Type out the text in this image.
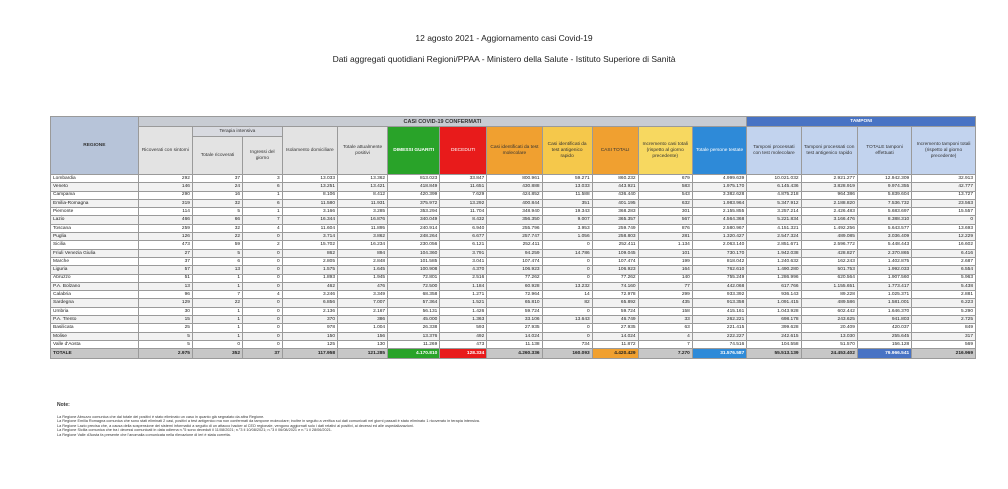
12 agosto 2021 - Aggiornamento casi Covid-19
Dati aggregati quotidiani Regioni/PPAA - Ministero della Salute - Istituto Superiore di Sanità
REGIONE	CASI COVID-19 CONFERMATI												TAMPONI			
	Ricoverati con sintomi	Terapia intensiva		Isolamento domiciliare	Totale attualmente positivi	DIMESSI GUARITI	DECEDUTI	Casi identificati da test molecolare	Casi identificati da test antigenico rapido	CASI TOTALI	Incremento casi totali (rispetto al giorno precedente)	Totale persone testate	Tamponi processati con test molecolare	Tamponi processati con test antigenico rapido	TOTALE tamponi effettuati	Incremento tamponi totali (rispetto al giorno precedente)
		Totale ricoverati	Ingressi del giorno													
Lombardia	292	37	3	13.033	13.362	813.023	33.847	800.961	59.271	860.232	679	4.999.639	10.021.032	2.921.277	12.942.309	32.913
Veneto	146	24	6	13.251	13.421	418.849	11.651	430.888	13.033	443.921	583	1.975.170	6.145.436	3.828.919	9.974.355	42.777
Campania	290	16	1	8.106	8.412	420.399	7.629	424.852	11.588	436.440	543	3.382.628	4.875.218	964.386	5.839.604	13.727
Emilia-Romagna	319	32	6	11.580	11.931	375.972	13.292	400.844	351	401.195	632	1.983.964	5.347.912	2.188.820	7.536.732	23.563
Piemonte	114	5	1	3.166	3.285	353.294	11.704	348.940	19.343	368.283	301	2.155.855	3.257.214	2.426.483	5.683.697	15.557
Lazio	466	66	7	16.344	16.876	340.049	8.432	356.350	9.007	365.357	567	4.564.368	5.221.834	3.166.476	8.388.310	0
Toscana	259	32	4	11.604	11.895	240.914	6.940	255.796	3.953	259.749	876	2.580.967	4.151.321	1.492.256	5.643.577	13.693
Puglia	126	22	0	3.714	3.862	248.264	6.677	257.747	1.056	258.803	281	1.320.427	2.547.324	489.085	3.036.409	12.229
Sicilia	473	59	2	15.702	16.234	230.056	6.121	252.411	0	252.411	1.134	2.063.140	2.851.671	2.596.772	5.448.443	16.602
Friuli Venezia Giulia	27	5	0	862	894	104.360	3.791	94.259	14.786	109.045	101	730.170	1.942.038	428.827	2.370.865	6.416
Marche	37	6	0	2.805	2.848	101.585	3.041	107.474	0	107.474	199	818.042	1.240.632	162.243	1.402.875	2.687
Liguria	57	13	0	1.575	1.645	100.908	4.370	106.923	0	106.923	164	762.610	1.490.280	501.753	1.992.033	6.554
Abruzzo	51	1	0	1.893	1.945	72.801	2.516	77.262	0	77.262	140	755.249	1.286.996	620.564	1.907.560	5.963
P.A. Bolzano	13	1	0	462	476	72.500	1.184	60.928	13.232	74.160	77	442.068	617.766	1.155.651	1.773.417	5.438
Calabria	96	7	4	3.246	3.349	68.358	1.271	72.964	14	72.978	299	933.392	936.143	89.228	1.025.371	2.881
Sardegna	129	22	0	6.856	7.007	57.364	1.521	65.810	82	65.892	435	913.358	1.091.415	489.586	1.581.001	6.223
Umbria	30	1	0	2.136	2.167	56.131	1.426	59.724	0	59.724	158	415.161	1.043.928	602.442	1.646.370	5.290
P.A. Trento	15	1	0	370	386	45.000	1.363	33.106	13.643	46.749	33	262.221	698.178	243.625	941.803	2.725
Basilicata	25	1	0	978	1.004	26.338	593	27.935	0	27.935	63	221.415	399.628	20.409	420.037	849
Molise	5	1	0	150	156	13.376	492	14.024	0	14.024	4	222.227	242.615	13.030	255.645	317
Valle d'Aosta	5	0	0	125	130	11.269	473	11.138	734	11.872	7	74.516	104.558	51.570	156.128	569
TOTALE	2.975	352	37	117.958	121.285	4.170.810	128.334	4.260.336	160.093	4.420.429	7.270	31.576.587	55.513.139	24.453.402	79.966.541	216.969
Note:
La Regione Abruzzo comunica che dal totale dei positivi è stato eliminato un caso in quanto già segnalato da altra Regione.
La Regione Emilia Romagna comunica che sono stati eliminati 2 casi, positivi a test antigenico ma non confermati da tampone molecolare; inoltre in seguito a verifica sui dati comunicati nei giorni passati è stato eliminato 1 ricoverato in terapia intensiva.
La Regione Lazio precisa che, a causa della sospensione dei sistemi informatici a seguito di un attacco hacker al CED regionale, vengono aggiornati solo i dati relativi ai positivi, ai decessi ed alle ospedalizzazioni.
La Regione Sicilia comunica che tra i decessi comunicati in data odierna n.°5 sono deceduti il 11/08/2021; n.°3 il 10/08/2021; n.°3 il 06/08/2021 e n.°1 il 28/06/2021.
La Regione Valle d'Aosta fa presente che l'anomalia comunicata nella rilevazione di ieri è stata corretta.
